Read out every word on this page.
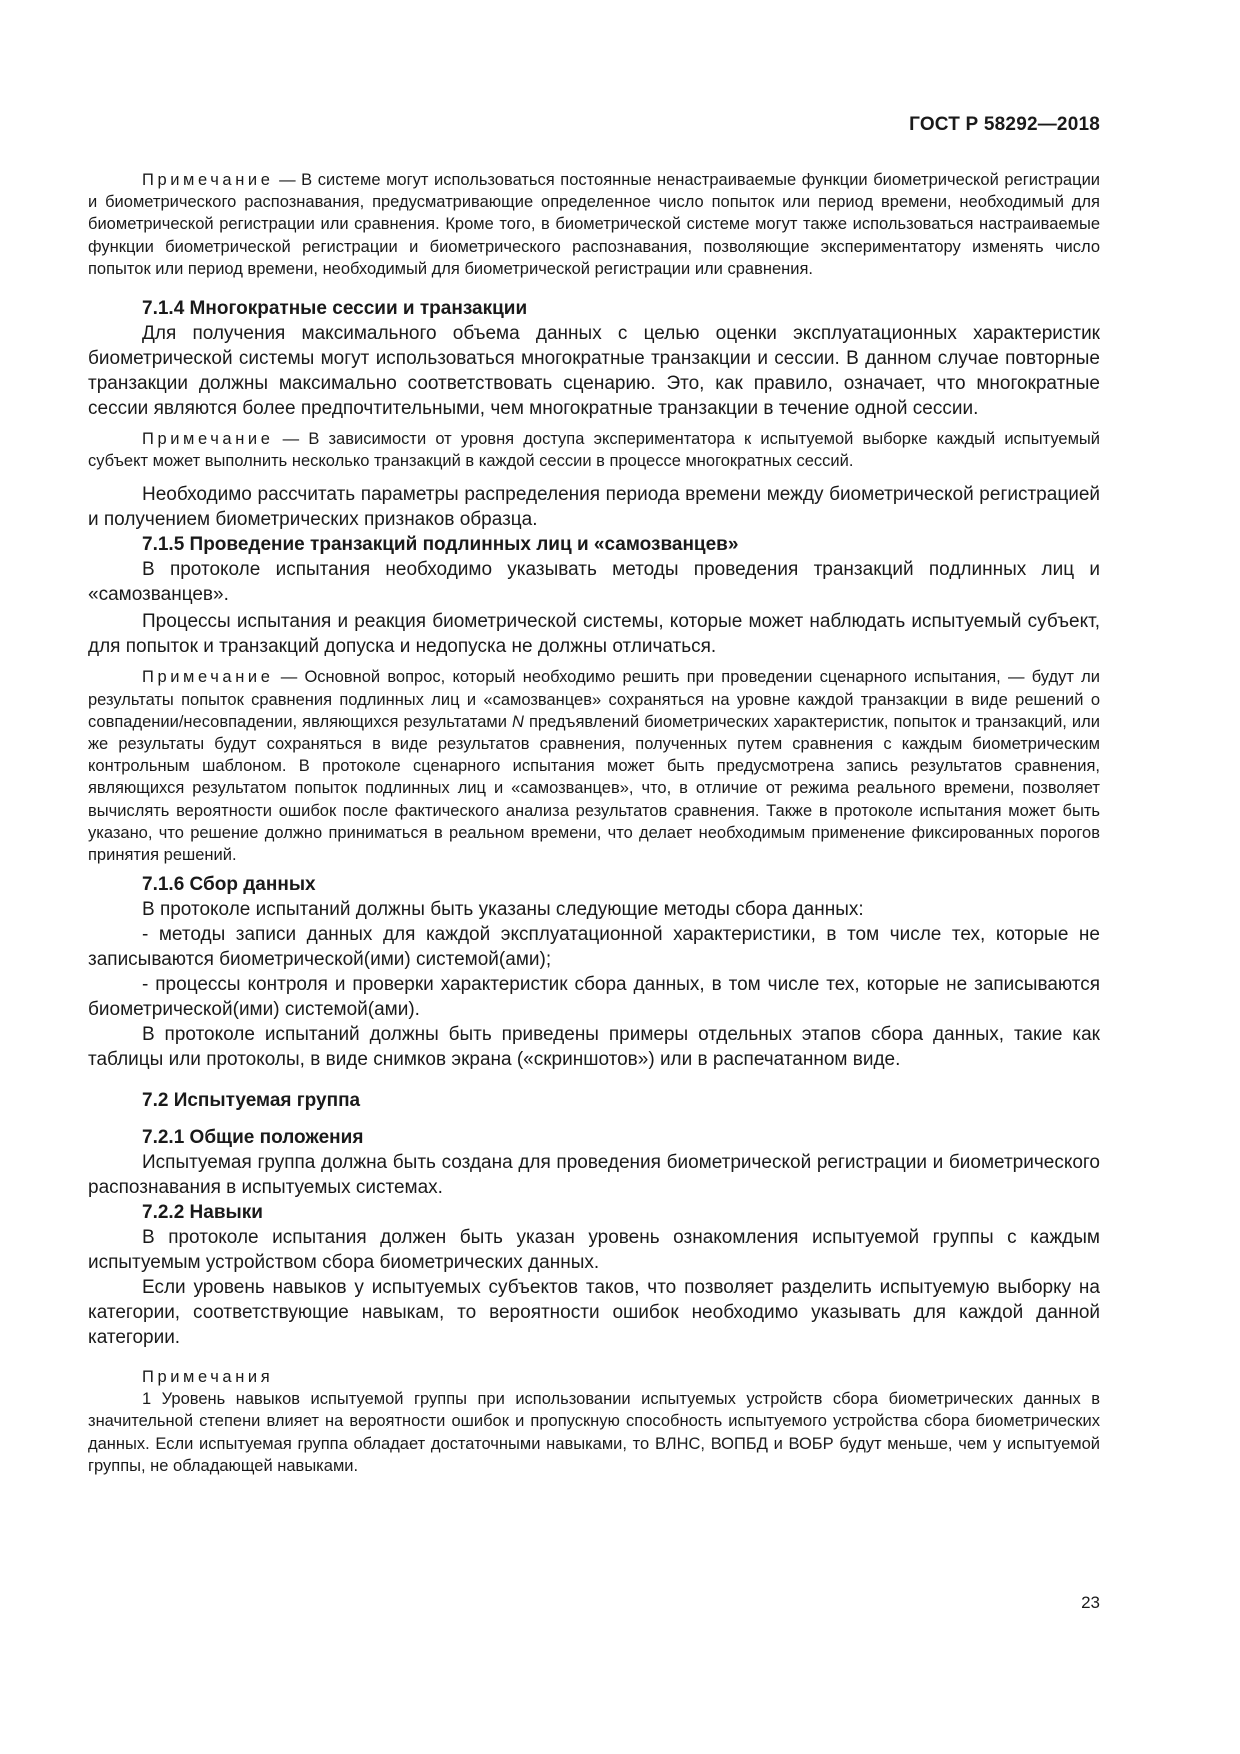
ГОСТ Р 58292—2018

Примечание — В системе могут использоваться постоянные ненастраиваемые функции биометрической регистрации и биометрического распознавания, предусматривающие определенное число попыток или период времени, необходимый для биометрической регистрации или сравнения. Кроме того, в биометрической системе могут также использоваться настраиваемые функции биометрической регистрации и биометрического распознавания, позволяющие экспериментатору изменять число попыток или период времени, необходимый для биометрической регистрации или сравнения.

7.1.4 Многократные сессии и транзакции

Для получения максимального объема данных с целью оценки эксплуатационных характеристик биометрической системы могут использоваться многократные транзакции и сессии. В данном случае повторные транзакции должны максимально соответствовать сценарию. Это, как правило, означает, что многократные сессии являются более предпочтительными, чем многократные транзакции в течение одной сессии.

Примечание — В зависимости от уровня доступа экспериментатора к испытуемой выборке каждый испытуемый субъект может выполнить несколько транзакций в каждой сессии в процессе многократных сессий.

Необходимо рассчитать параметры распределения периода времени между биометрической регистрацией и получением биометрических признаков образца.

7.1.5 Проведение транзакций подлинных лиц и «самозванцев»

В протоколе испытания необходимо указывать методы проведения транзакций подлинных лиц и «самозванцев».

Процессы испытания и реакция биометрической системы, которые может наблюдать испытуемый субъект, для попыток и транзакций допуска и недопуска не должны отличаться.

Примечание — Основной вопрос, который необходимо решить при проведении сценарного испытания, — будут ли результаты попыток сравнения подлинных лиц и «самозванцев» сохраняться на уровне каждой транзакции в виде решений о совпадении/несовпадении, являющихся результатами N предъявлений биометрических характеристик, попыток и транзакций, или же результаты будут сохраняться в виде результатов сравнения, полученных путем сравнения с каждым биометрическим контрольным шаблоном. В протоколе сценарного испытания может быть предусмотрена запись результатов сравнения, являющихся результатом попыток подлинных лиц и «самозванцев», что, в отличие от режима реального времени, позволяет вычислять вероятности ошибок после фактического анализа результатов сравнения. Также в протоколе испытания может быть указано, что решение должно приниматься в реальном времени, что делает необходимым применение фиксированных порогов принятия решений.

7.1.6 Сбор данных

В протоколе испытаний должны быть указаны следующие методы сбора данных:

- методы записи данных для каждой эксплуатационной характеристики, в том числе тех, которые не записываются биометрической(ими) системой(ами);

- процессы контроля и проверки характеристик сбора данных, в том числе тех, которые не записываются биометрической(ими) системой(ами).

В протоколе испытаний должны быть приведены примеры отдельных этапов сбора данных, такие как таблицы или протоколы, в виде снимков экрана («скриншотов») или в распечатанном виде.

7.2 Испытуемая группа

7.2.1 Общие положения

Испытуемая группа должна быть создана для проведения биометрической регистрации и биометрического распознавания в испытуемых системах.

7.2.2 Навыки

В протоколе испытания должен быть указан уровень ознакомления испытуемой группы с каждым испытуемым устройством сбора биометрических данных.

Если уровень навыков у испытуемых субъектов таков, что позволяет разделить испытуемую выборку на категории, соответствующие навыкам, то вероятности ошибок необходимо указывать для каждой данной категории.

Примечания

1 Уровень навыков испытуемой группы при использовании испытуемых устройств сбора биометрических данных в значительной степени влияет на вероятности ошибок и пропускную способность испытуемого устройства сбора биометрических данных. Если испытуемая группа обладает достаточными навыками, то ВЛНС, ВОПБД и ВОБР будут меньше, чем у испытуемой группы, не обладающей навыками.

23
